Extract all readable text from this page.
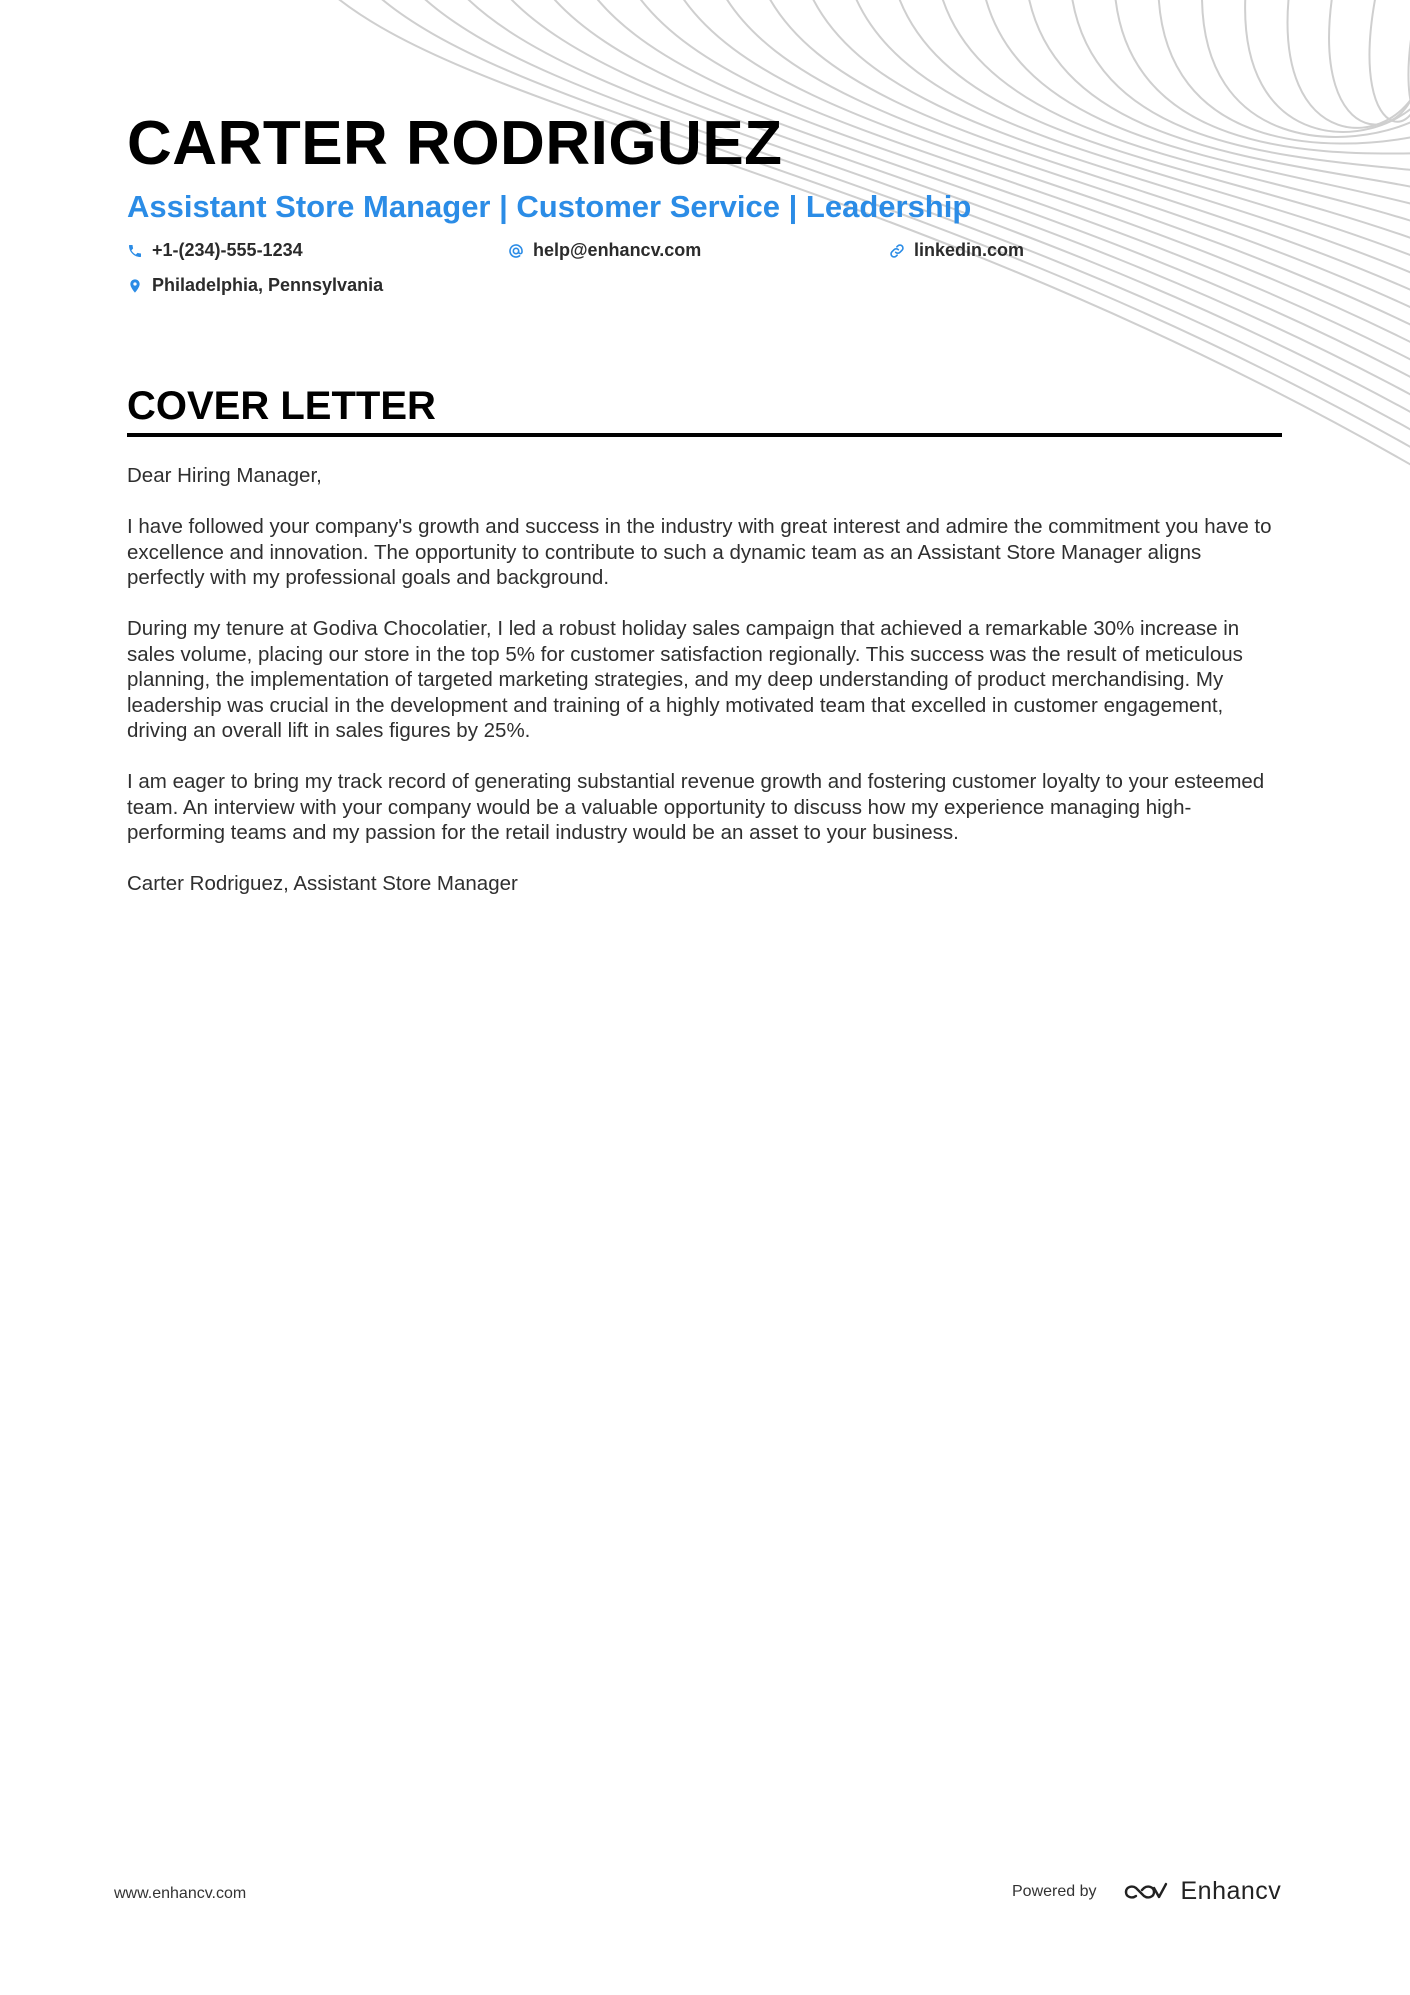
CARTER RODRIGUEZ
Assistant Store Manager | Customer Service | Leadership
+1-(234)-555-1234	help@enhancv.com	linkedin.com
Philadelphia, Pennsylvania
COVER LETTER

Dear Hiring Manager,

I have followed your company's growth and success in the industry with great interest and admire the commitment you have to excellence and innovation. The opportunity to contribute to such a dynamic team as an Assistant Store Manager aligns perfectly with my professional goals and background.

During my tenure at Godiva Chocolatier, I led a robust holiday sales campaign that achieved a remarkable 30% increase in sales volume, placing our store in the top 5% for customer satisfaction regionally. This success was the result of meticulous planning, the implementation of targeted marketing strategies, and my deep understanding of product merchandising. My leadership was crucial in the development and training of a highly motivated team that excelled in customer engagement, driving an overall lift in sales figures by 25%.

I am eager to bring my track record of generating substantial revenue growth and fostering customer loyalty to your esteemed team. An interview with your company would be a valuable opportunity to discuss how my experience managing high-performing teams and my passion for the retail industry would be an asset to your business.

Carter Rodriguez, Assistant Store Manager

www.enhancv.com	Powered by	Enhancv
